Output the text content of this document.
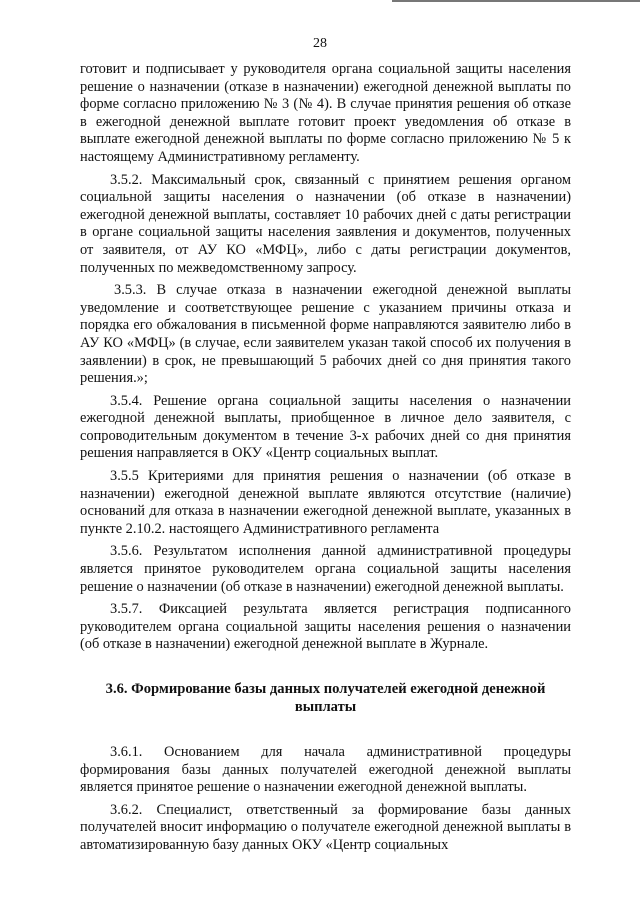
28

готовит и подписывает у руководителя органа социальной защиты населения решение о назначении (отказе в назначении) ежегодной денежной выплаты по форме согласно приложению № 3 (№ 4). В случае принятия решения об отказе в ежегодной денежной выплате готовит проект уведомления об отказе в выплате ежегодной денежной выплаты по форме согласно приложению № 5 к настоящему Административному регламенту.

3.5.2. Максимальный срок, связанный с принятием решения органом социальной защиты населения о назначении (об отказе в назначении) ежегодной денежной выплаты, составляет 10 рабочих дней с даты регистрации в органе социальной защиты населения заявления и документов, полученных от заявителя, от АУ КО «МФЦ», либо с даты регистрации документов, полученных по межведомственному запросу.

3.5.3. В случае отказа в назначении ежегодной денежной выплаты уведомление и соответствующее решение с указанием причины отказа и порядка его обжалования в письменной форме направляются заявителю либо в АУ КО «МФЦ» (в случае, если заявителем указан такой способ их получения в заявлении) в срок, не превышающий 5 рабочих дней со дня принятия такого решения.»;

3.5.4. Решение органа социальной защиты населения о назначении ежегодной денежной выплаты, приобщенное в личное дело заявителя, с сопроводительным документом в течение 3-х рабочих дней со дня принятия решения направляется в ОКУ «Центр социальных выплат.

3.5.5 Критериями для принятия решения о назначении (об отказе в назначении) ежегодной денежной выплате являются отсутствие (наличие) оснований для отказа в назначении ежегодной денежной выплате, указанных в пункте 2.10.2. настоящего Административного регламента

3.5.6. Результатом исполнения данной административной процедуры является принятое руководителем органа социальной защиты населения решение о назначении (об отказе в назначении) ежегодной денежной выплаты.

3.5.7. Фиксацией результата является регистрация подписанного руководителем органа социальной защиты населения решения о назначении (об отказе в назначении) ежегодной денежной выплате в Журнале.

3.6. Формирование базы данных получателей ежегодной денежной выплаты

3.6.1. Основанием для начала административной процедуры формирования базы данных получателей ежегодной денежной выплаты является принятое решение о назначении ежегодной денежной выплаты.

3.6.2. Специалист, ответственный за формирование базы данных получателей вносит информацию о получателе ежегодной денежной выплаты в автоматизированную базу данных ОКУ «Центр социальных
